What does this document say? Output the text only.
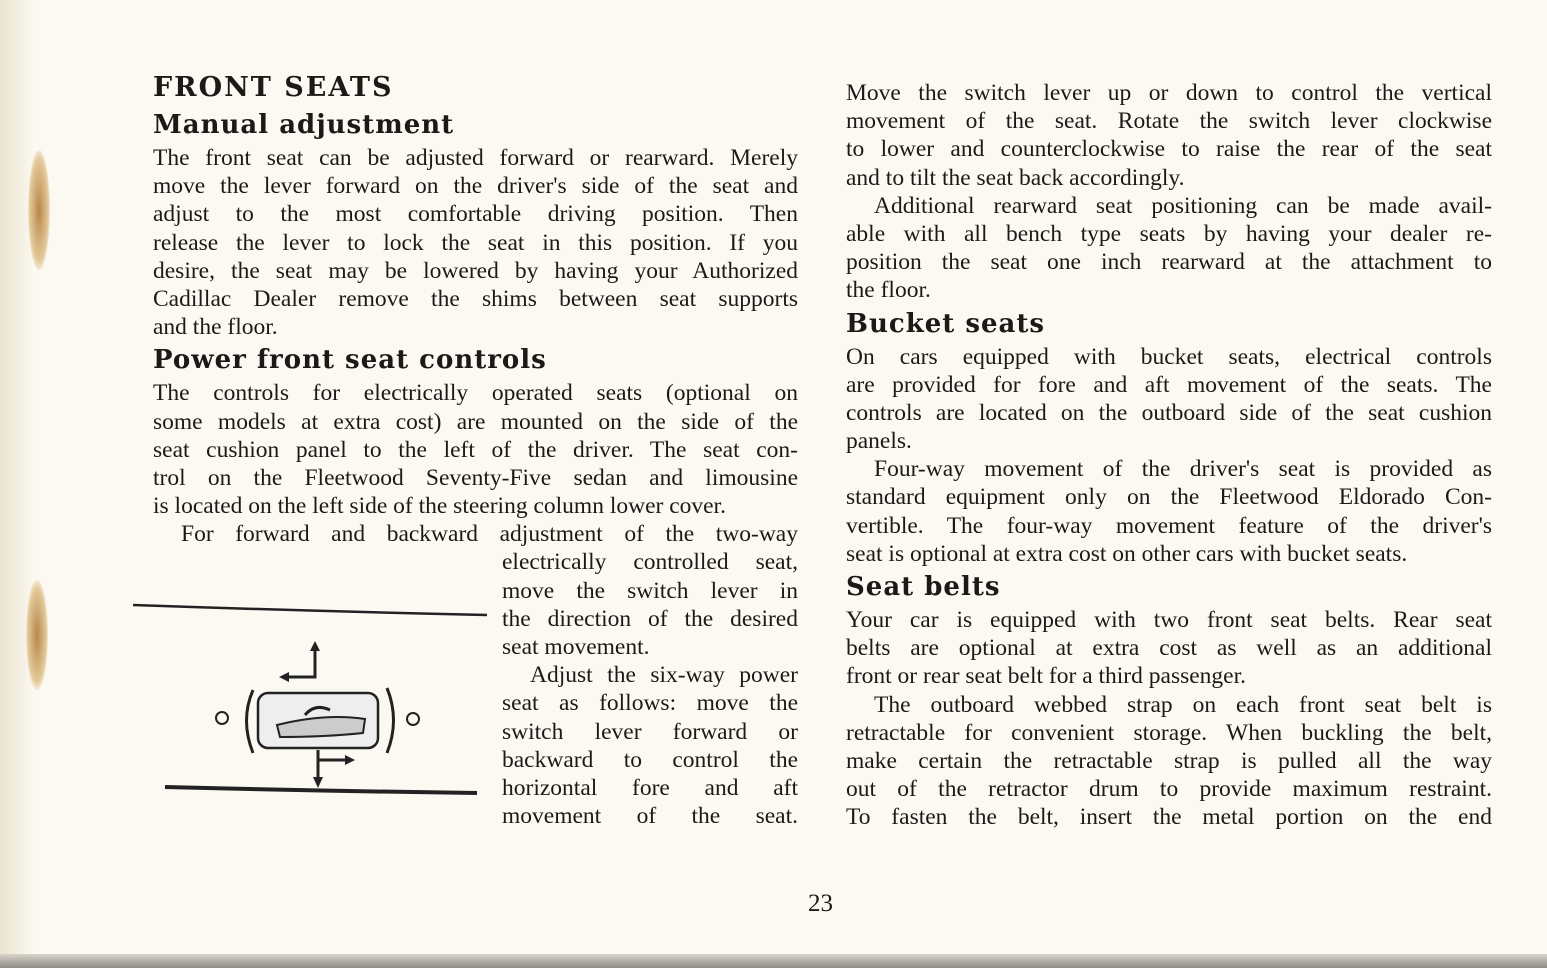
FRONT SEATS
Manual adjustment
The front seat can be adjusted forward or rearward. Merely
move the lever forward on the driver's side of the seat and
adjust to the most comfortable driving position. Then
release the lever to lock the seat in this position. If you
desire, the seat may be lowered by having your Authorized
Cadillac Dealer remove the shims between seat supports
and the floor.
Power front seat controls
The controls for electrically operated seats (optional on
some models at extra cost) are mounted on the side of the
seat cushion panel to the left of the driver. The seat con-
trol on the Fleetwood Seventy-Five sedan and limousine
is located on the left side of the steering column lower cover.
For forward and backward adjustment of the two-way
electrically controlled seat,
move the switch lever in
the direction of the desired
seat movement.
Adjust the six-way power
seat as follows: move the
switch lever forward or
backward to control the
horizontal fore and aft
movement of the seat.
Move the switch lever up or down to control the vertical
movement of the seat. Rotate the switch lever clockwise
to lower and counterclockwise to raise the rear of the seat
and to tilt the seat back accordingly.
Additional rearward seat positioning can be made avail-
able with all bench type seats by having your dealer re-
position the seat one inch rearward at the attachment to
the floor.
Bucket seats
On cars equipped with bucket seats, electrical controls
are provided for fore and aft movement of the seats. The
controls are located on the outboard side of the seat cushion
panels.
Four-way movement of the driver's seat is provided as
standard equipment only on the Fleetwood Eldorado Con-
vertible. The four-way movement feature of the driver's
seat is optional at extra cost on other cars with bucket seats.
Seat belts
Your car is equipped with two front seat belts. Rear seat
belts are optional at extra cost as well as an additional
front or rear seat belt for a third passenger.
The outboard webbed strap on each front seat belt is
retractable for convenient storage. When buckling the belt,
make certain the retractable strap is pulled all the way
out of the retractor drum to provide maximum restraint.
To fasten the belt, insert the metal portion on the end
23
